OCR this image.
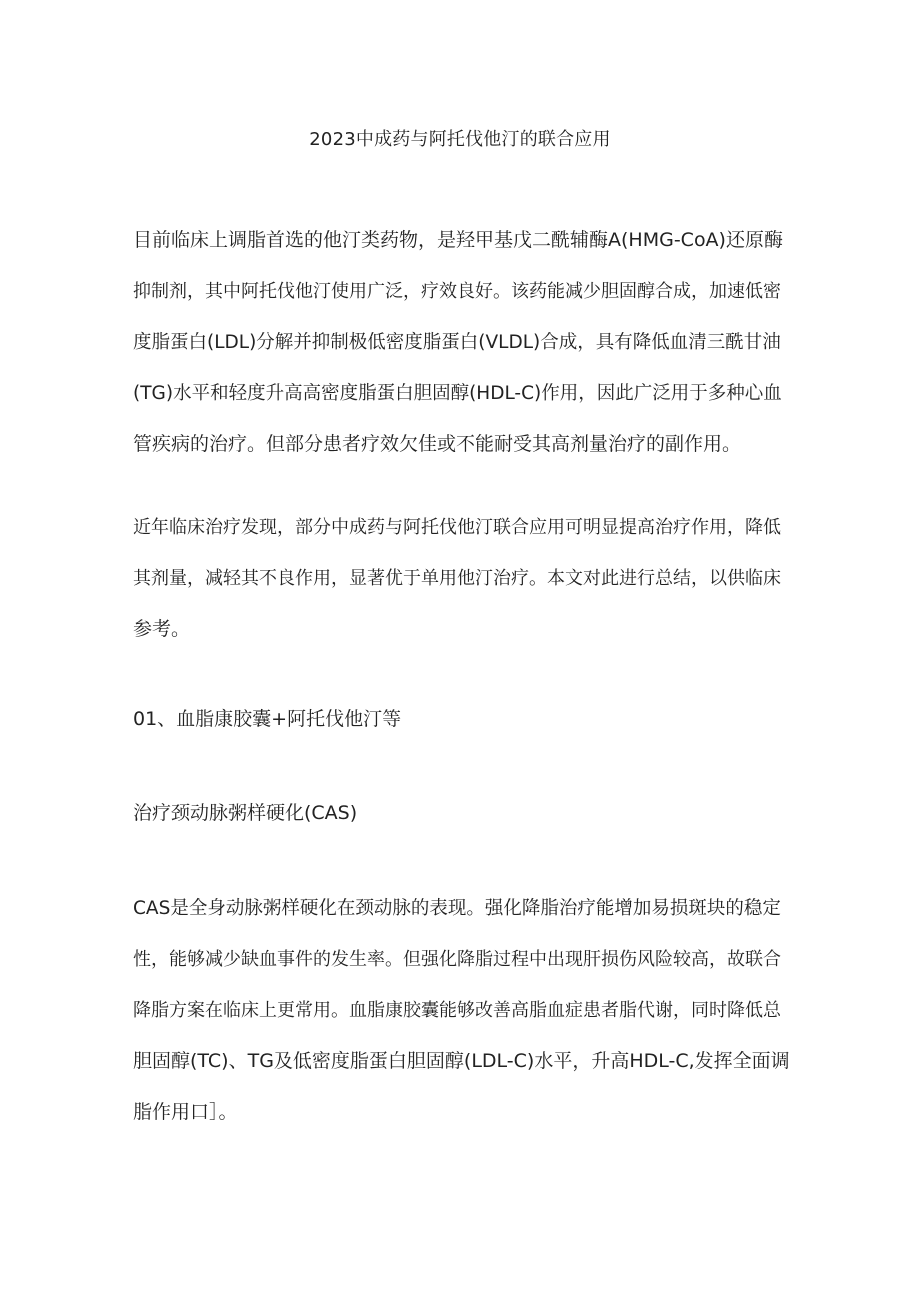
2023中成药与阿托伐他汀的联合应用
目前临床上调脂首选的他汀类药物，是羟甲基戊二酰辅酶A(HMG-CoA)还原酶
抑制剂，其中阿托伐他汀使用广泛，疗效良好。该药能减少胆固醇合成，加速低密
度脂蛋白(LDL)分解并抑制极低密度脂蛋白(VLDL)合成，具有降低血清三酰甘油
(TG)水平和轻度升高高密度脂蛋白胆固醇(HDL-C)作用，因此广泛用于多种心血
管疾病的治疗。但部分患者疗效欠佳或不能耐受其高剂量治疗的副作用。
近年临床治疗发现，部分中成药与阿托伐他汀联合应用可明显提高治疗作用，降低
其剂量，减轻其不良作用，显著优于单用他汀治疗。本文对此进行总结，以供临床
参考。
01、血脂康胶囊+阿托伐他汀等
治疗颈动脉粥样硬化(CAS)
CAS是全身动脉粥样硬化在颈动脉的表现。强化降脂治疗能增加易损斑块的稳定
性，能够减少缺血事件的发生率。但强化降脂过程中出现肝损伤风险较高，故联合
降脂方案在临床上更常用。血脂康胶囊能够改善高脂血症患者脂代谢，同时降低总
胆固醇(TC)、TG及低密度脂蛋白胆固醇(LDL-C)水平，升高HDL-C,发挥全面调
脂作用口］。
